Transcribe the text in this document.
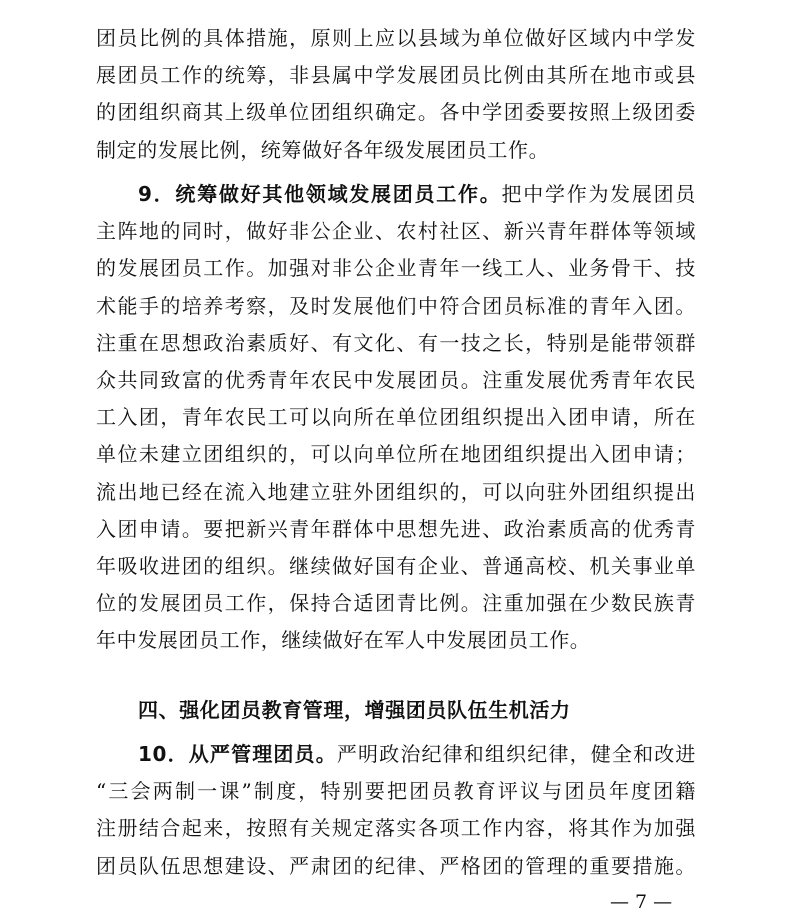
团员比例的具体措施，原则上应以县域为单位做好区域内中学发
展团员工作的统筹，非县属中学发展团员比例由其所在地市或县
的团组织商其上级单位团组织确定。各中学团委要按照上级团委
制定的发展比例，统筹做好各年级发展团员工作。
9．统筹做好其他领域发展团员工作。把中学作为发展团员
主阵地的同时，做好非公企业、农村社区、新兴青年群体等领域
的发展团员工作。加强对非公企业青年一线工人、业务骨干、技
术能手的培养考察，及时发展他们中符合团员标准的青年入团。
注重在思想政治素质好、有文化、有一技之长，特别是能带领群
众共同致富的优秀青年农民中发展团员。注重发展优秀青年农民
工入团，青年农民工可以向所在单位团组织提出入团申请，所在
单位未建立团组织的，可以向单位所在地团组织提出入团申请；
流出地已经在流入地建立驻外团组织的，可以向驻外团组织提出
入团申请。要把新兴青年群体中思想先进、政治素质高的优秀青
年吸收进团的组织。继续做好国有企业、普通高校、机关事业单
位的发展团员工作，保持合适团青比例。注重加强在少数民族青
年中发展团员工作，继续做好在军人中发展团员工作。
四、强化团员教育管理，增强团员队伍生机活力
10．从严管理团员。严明政治纪律和组织纪律，健全和改进
“三会两制一课”制度，特别要把团员教育评议与团员年度团籍
注册结合起来，按照有关规定落实各项工作内容，将其作为加强
团员队伍思想建设、严肃团的纪律、严格团的管理的重要措施。
— 7 —
